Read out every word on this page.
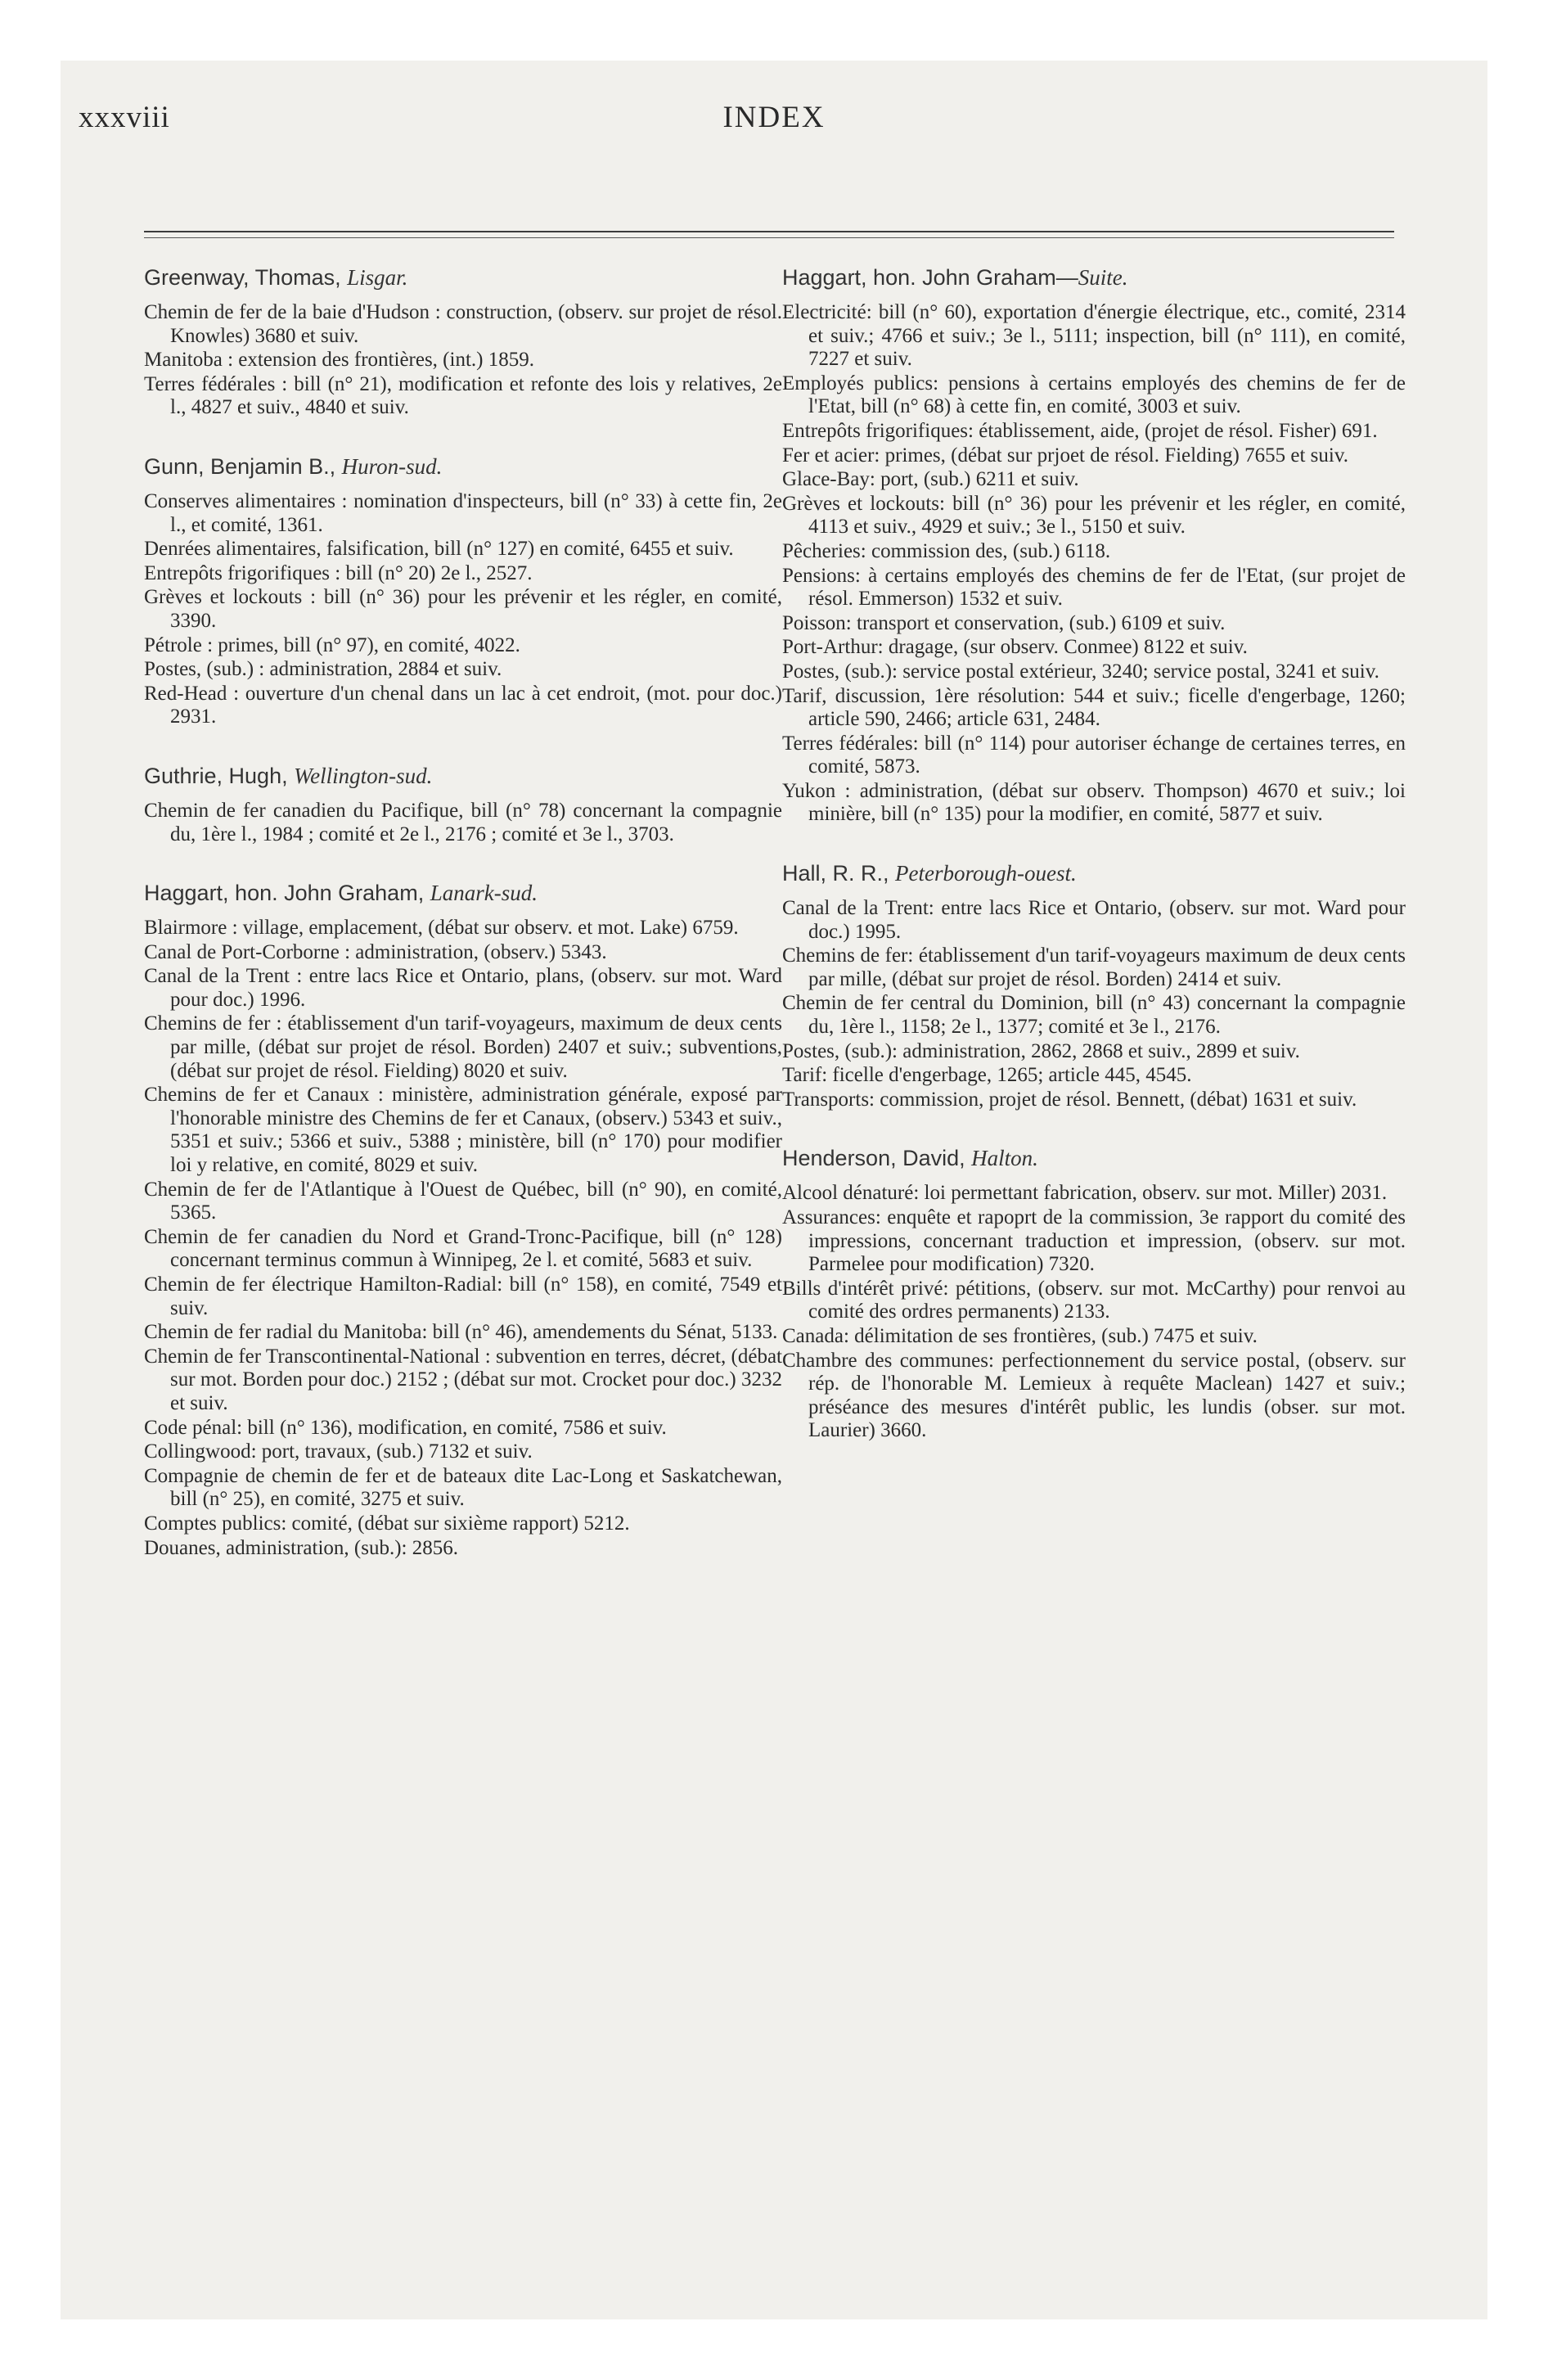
xxxviii	INDEX
Greenway, Thomas, Lisgar.
Chemin de fer de la baie d'Hudson : construction, (observ. sur projet de résol. Knowles) 3680 et suiv.
Manitoba : extension des frontières, (int.) 1859.
Terres fédérales : bill (n° 21), modification et refonte des lois y relatives, 2e l., 4827 et suiv., 4840 et suiv.
Gunn, Benjamin B., Huron-sud.
Conserves alimentaires : nomination d'inspecteurs, bill (n° 33) à cette fin, 2e l., et comité, 1361.
Denrées alimentaires, falsification, bill (n° 127) en comité, 6455 et suiv.
Entrepôts frigorifiques : bill (n° 20) 2e l., 2527.
Grèves et lockouts : bill (n° 36) pour les prévenir et les régler, en comité, 3390.
Pétrole : primes, bill (n° 97), en comité, 4022.
Postes, (sub.) : administration, 2884 et suiv.
Red-Head : ouverture d'un chenal dans un lac à cet endroit, (mot. pour doc.) 2931.
Guthrie, Hugh, Wellington-sud.
Chemin de fer canadien du Pacifique, bill (n° 78) concernant la compagnie du, 1ère l., 1984 ; comité et 2e l., 2176 ; comité et 3e l., 3703.
Haggart, hon. John Graham, Lanark-sud.
Blairmore : village, emplacement, (débat sur observ. et mot. Lake) 6759.
Canal de Port-Corborne : administration, (observ.) 5343.
Canal de la Trent : entre lacs Rice et Ontario, plans, (observ. sur mot. Ward pour doc.) 1996.
Chemins de fer : établissement d'un tarif-voyageurs, maximum de deux cents par mille, (débat sur projet de résol. Borden) 2407 et suiv.; subventions, (débat sur projet de résol. Fielding) 8020 et suiv.
Chemins de fer et Canaux : ministère, administration générale, exposé par l'honorable ministre des Chemins de fer et Canaux, (observ.) 5343 et suiv., 5351 et suiv.; 5366 et suiv., 5388 ; ministère, bill (n° 170) pour modifier loi y relative, en comité, 8029 et suiv.
Chemin de fer de l'Atlantique à l'Ouest de Québec, bill (n° 90), en comité, 5365.
Chemin de fer canadien du Nord et Grand-Tronc-Pacifique, bill (n° 128) concernant terminus commun à Winnipeg, 2e l. et comité, 5683 et suiv.
Chemin de fer électrique Hamilton-Radial: bill (n° 158), en comité, 7549 et suiv.
Chemin de fer radial du Manitoba: bill (n° 46), amendements du Sénat, 5133.
Chemin de fer Transcontinental-National : subvention en terres, décret, (débat sur mot. Borden pour doc.) 2152 ; (débat sur mot. Crocket pour doc.) 3232 et suiv.
Code pénal: bill (n° 136), modification, en comité, 7586 et suiv.
Collingwood: port, travaux, (sub.) 7132 et suiv.
Compagnie de chemin de fer et de bateaux dite Lac-Long et Saskatchewan, bill (n° 25), en comité, 3275 et suiv.
Comptes publics: comité, (débat sur sixième rapport) 5212.
Douanes, administration, (sub.): 2856.
Haggart, hon. John Graham—Suite.
Electricité: bill (n° 60), exportation d'énergie électrique, etc., comité, 2314 et suiv.; 4766 et suiv.; 3e l., 5111; inspection, bill (n° 111), en comité, 7227 et suiv.
Employés publics: pensions à certains employés des chemins de fer de l'Etat, bill (n° 68) à cette fin, en comité, 3003 et suiv.
Entrepôts frigorifiques: établissement, aide, (projet de résol. Fisher) 691.
Fer et acier: primes, (débat sur prjoet de résol. Fielding) 7655 et suiv.
Glace-Bay: port, (sub.) 6211 et suiv.
Grèves et lockouts: bill (n° 36) pour les prévenir et les régler, en comité, 4113 et suiv., 4929 et suiv.; 3e l., 5150 et suiv.
Pêcheries: commission des, (sub.) 6118.
Pensions: à certains employés des chemins de fer de l'Etat, (sur projet de résol. Emmerson) 1532 et suiv.
Poisson: transport et conservation, (sub.) 6109 et suiv.
Port-Arthur: dragage, (sur observ. Conmee) 8122 et suiv.
Postes, (sub.): service postal extérieur, 3240; service postal, 3241 et suiv.
Tarif, discussion, 1ère résolution: 544 et suiv.; ficelle d'engerbage, 1260; article 590, 2466; article 631, 2484.
Terres fédérales: bill (n° 114) pour autoriser échange de certaines terres, en comité, 5873.
Yukon : administration, (débat sur observ. Thompson) 4670 et suiv.; loi minière, bill (n° 135) pour la modifier, en comité, 5877 et suiv.
Hall, R. R., Peterborough-ouest.
Canal de la Trent: entre lacs Rice et Ontario, (observ. sur mot. Ward pour doc.) 1995.
Chemins de fer: établissement d'un tarif-voyageurs maximum de deux cents par mille, (débat sur projet de résol. Borden) 2414 et suiv.
Chemin de fer central du Dominion, bill (n° 43) concernant la compagnie du, 1ère l., 1158; 2e l., 1377; comité et 3e l., 2176.
Postes, (sub.): administration, 2862, 2868 et suiv., 2899 et suiv.
Tarif: ficelle d'engerbage, 1265; article 445, 4545.
Transports: commission, projet de résol. Bennett, (débat) 1631 et suiv.
Henderson, David, Halton.
Alcool dénaturé: loi permettant fabrication, observ. sur mot. Miller) 2031.
Assurances: enquête et rapoprt de la commission, 3e rapport du comité des impressions, concernant traduction et impression, (observ. sur mot. Parmelee pour modification) 7320.
Bills d'intérêt privé: pétitions, (observ. sur mot. McCarthy) pour renvoi au comité des ordres permanents) 2133.
Canada: délimitation de ses frontières, (sub.) 7475 et suiv.
Chambre des communes: perfectionnement du service postal, (observ. sur rép. de l'honorable M. Lemieux à requête Maclean) 1427 et suiv.; préséance des mesures d'intérêt public, les lundis (obser. sur mot. Laurier) 3660.
